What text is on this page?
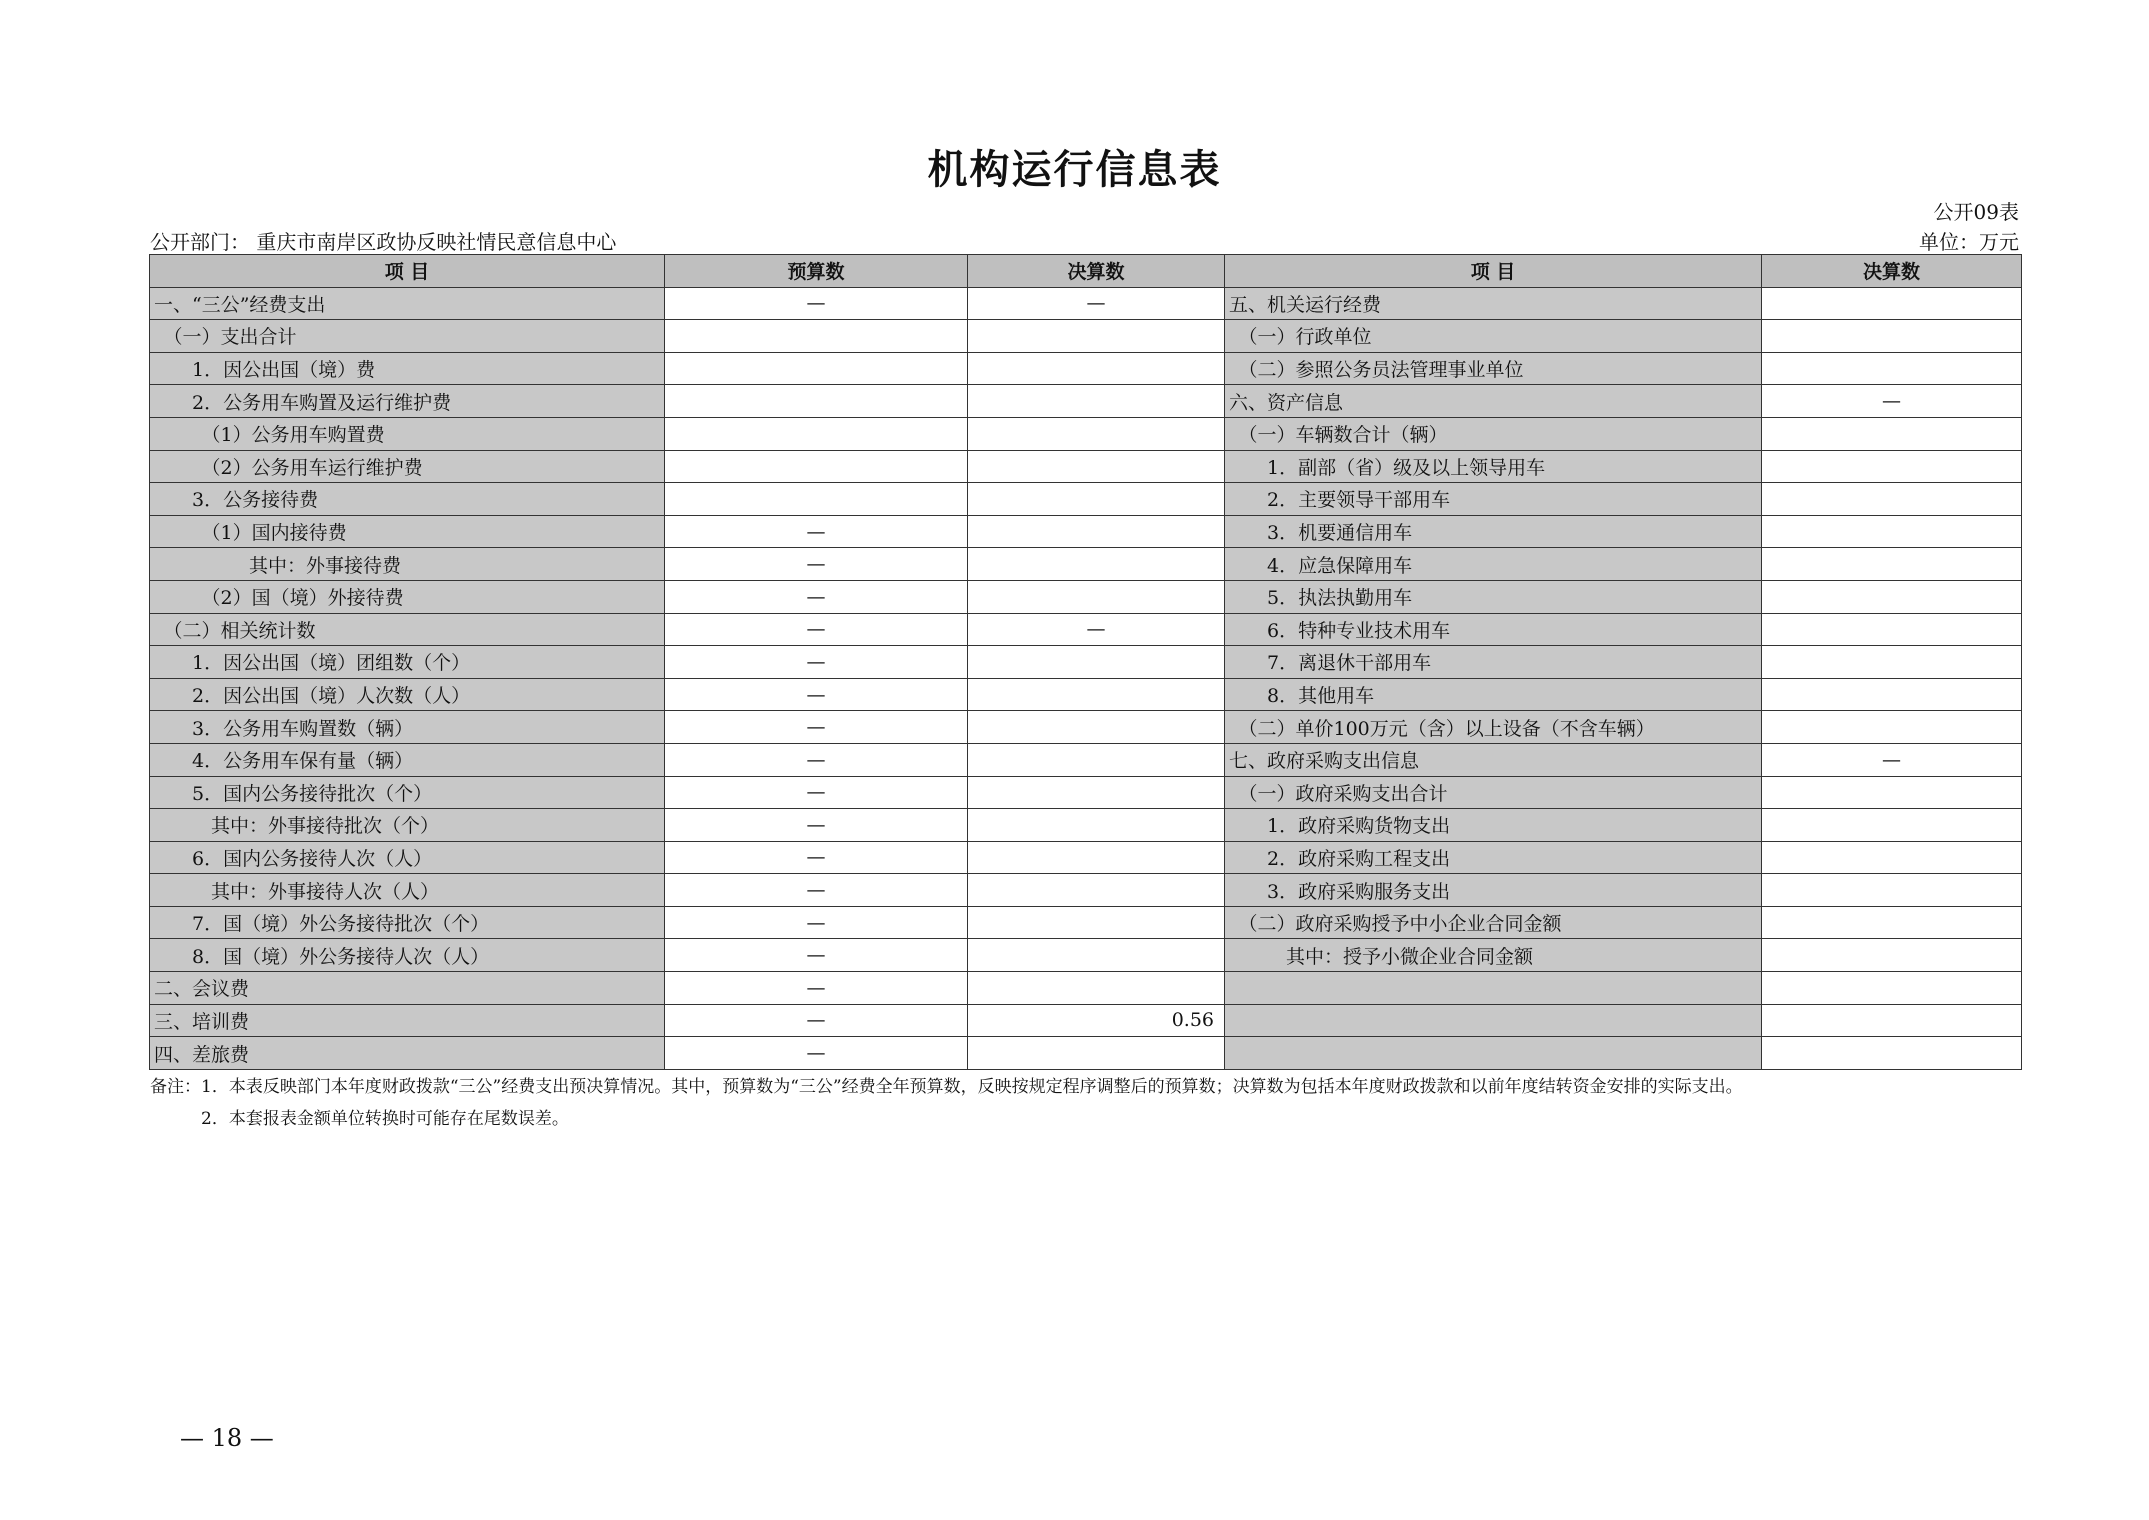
机构运行信息表
公开09表
公开部门： 重庆市南岸区政协反映社情民意信息中心	单位：万元
项 目	预算数	决算数	项 目	决算数
一、“三公”经费支出	—	—	五、机关运行经费	
　（一）支出合计			　（一）行政单位	
　　1．因公出国（境）费			　（二）参照公务员法管理事业单位	
　　2．公务用车购置及运行维护费			六、资产信息	—
　　　（1）公务用车购置费			　（一）车辆数合计（辆）	
　　　（2）公务用车运行维护费			　　1．副部（省）级及以上领导用车	
　　3．公务接待费			　　2．主要领导干部用车	
　　　（1）国内接待费	—		　　3．机要通信用车	
　　　　　其中：外事接待费	—		　　4．应急保障用车	
　　　（2）国（境）外接待费	—		　　5．执法执勤用车	
　（二）相关统计数	—	—	　　6．特种专业技术用车	
　　1．因公出国（境）团组数（个）	—		　　7．离退休干部用车	
　　2．因公出国（境）人次数（人）	—		　　8．其他用车	
　　3．公务用车购置数（辆）	—		　（二）单价100万元（含）以上设备（不含车辆）	
　　4．公务用车保有量（辆）	—		七、政府采购支出信息	—
　　5．国内公务接待批次（个）	—		　（一）政府采购支出合计	
　　　其中：外事接待批次（个）	—		　　1．政府采购货物支出	
　　6．国内公务接待人次（人）	—		　　2．政府采购工程支出	
　　　其中：外事接待人次（人）	—		　　3．政府采购服务支出	
　　7．国（境）外公务接待批次（个）	—		　（二）政府采购授予中小企业合同金额	
　　8．国（境）外公务接待人次（人）	—		　　　其中：授予小微企业合同金额	
二、会议费	—			
三、培训费	—	0.56		
四、差旅费	—			
备注：1．本表反映部门本年度财政拨款“三公”经费支出预决算情况。其中，预算数为“三公”经费全年预算数，反映按规定程序调整后的预算数；决算数为包括本年度财政拨款和以前年度结转资金安排的实际支出。
　　　2．本套报表金额单位转换时可能存在尾数误差。
— 18 —
